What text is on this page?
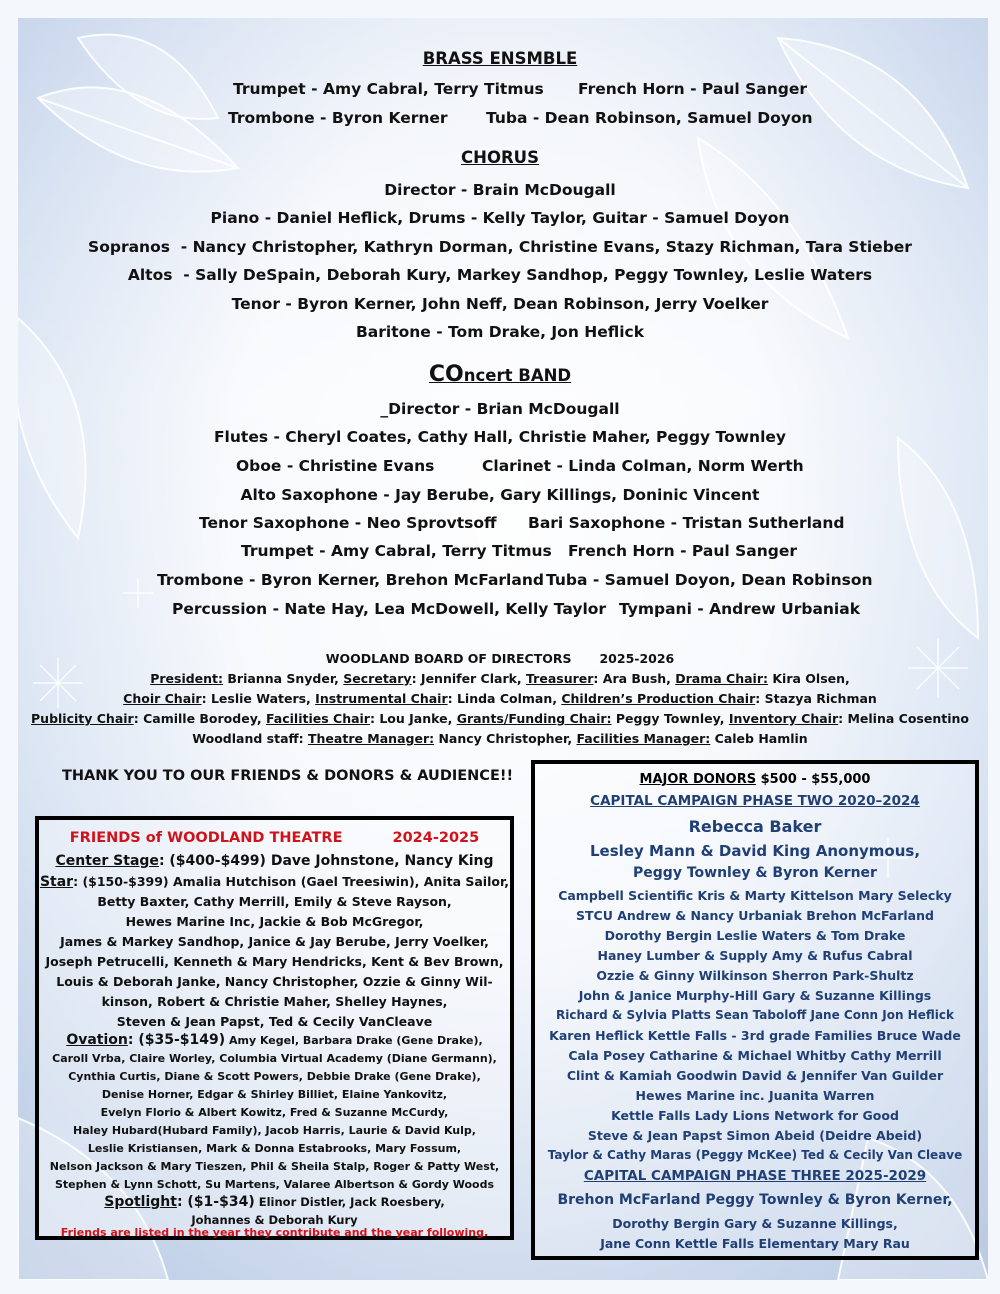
BRASS ENSMBLE
Trumpet - Amy Cabral, Terry Titmus French Horn - Paul Sanger
Trombone - Byron Kerner Tuba - Dean Robinson, Samuel Doyon
CHORUS
Director - Brain McDougall
Piano - Daniel Heflick, Drums - Kelly Taylor, Guitar - Samuel Doyon
Sopranos  - Nancy Christopher, Kathryn Dorman, Christine Evans, Stazy Richman, Tara Stieber
Altos  - Sally DeSpain, Deborah Kury, Markey Sandhop, Peggy Townley, Leslie Waters
Tenor - Byron Kerner, John Neff, Dean Robinson, Jerry Voelker
Baritone - Tom Drake, Jon Heflick
COncert BAND
_Director - Brian McDougall
Flutes - Cheryl Coates, Cathy Hall, Christie Maher, Peggy Townley
Oboe - Christine Evans	Clarinet - Linda Colman, Norm Werth
Alto Saxophone - Jay Berube, Gary Killings, Doninic Vincent
Tenor Saxophone - Neo Sprovtsoff Bari Saxophone - Tristan Sutherland
Trumpet - Amy Cabral, Terry Titmus French Horn - Paul Sanger
Trombone - Byron Kerner, Brehon McFarland Tuba - Samuel Doyon, Dean Robinson
Percussion - Nate Hay, Lea McDowell, Kelly Taylor Tympani - Andrew Urbaniak
WOODLAND BOARD OF DIRECTORS 2025-2026
President: Brianna Snyder, Secretary: Jennifer Clark, Treasurer: Ara Bush, Drama Chair: Kira Olsen,
Choir Chair: Leslie Waters, Instrumental Chair: Linda Colman, Children’s Production Chair: Stazya Richman
Publicity Chair: Camille Borodey, Facilities Chair: Lou Janke, Grants/Funding Chair: Peggy Townley, Inventory Chair: Melina Cosentino
Woodland staff: Theatre Manager: Nancy Christopher, Facilities Manager: Caleb Hamlin
THANK YOU TO OUR FRIENDS & DONORS & AUDIENCE!!
FRIENDS of WOODLAND THEATRE	2024-2025
Center Stage: ($400-$499) Dave Johnstone, Nancy King
Star: ($150-$399) Amalia Hutchison (Gael Treesiwin), Anita Sailor,
Betty Baxter, Cathy Merrill, Emily & Steve Rayson,
Hewes Marine Inc, Jackie & Bob McGregor,
James & Markey Sandhop, Janice & Jay Berube, Jerry Voelker,
Joseph Petrucelli, Kenneth & Mary Hendricks, Kent & Bev Brown,
Louis & Deborah Janke, Nancy Christopher, Ozzie & Ginny Wil-
kinson, Robert & Christie Maher, Shelley Haynes,
Steven & Jean Papst, Ted & Cecily VanCleave
Ovation: ($35-$149) Amy Kegel, Barbara Drake (Gene Drake),
Caroll Vrba, Claire Worley, Columbia Virtual Academy (Diane Germann),
Cynthia Curtis, Diane & Scott Powers, Debbie Drake (Gene Drake),
Denise Horner, Edgar & Shirley Billiet, Elaine Yankovitz,
Evelyn Florio & Albert Kowitz, Fred & Suzanne McCurdy,
Haley Hubard(Hubard Family), Jacob Harris, Laurie & David Kulp,
Leslie Kristiansen, Mark & Donna Estabrooks, Mary Fossum,
Nelson Jackson & Mary Tieszen, Phil & Sheila Stalp, Roger & Patty West,
Stephen & Lynn Schott, Su Martens, Valaree Albertson & Gordy Woods
Spotlight: ($1-$34) Elinor Distler, Jack Roesbery,
Johannes & Deborah Kury
Friends are listed in the year they contribute and the year following.
MAJOR DONORS $500 - $55,000
CAPITAL CAMPAIGN PHASE TWO 2020–2024
Rebecca Baker
Lesley Mann & David King Anonymous,
Peggy Townley & Byron Kerner
Campbell Scientific Kris & Marty Kittelson Mary Selecky
STCU Andrew & Nancy Urbaniak Brehon McFarland
Dorothy Bergin Leslie Waters & Tom Drake
Haney Lumber & Supply Amy & Rufus Cabral
Ozzie & Ginny Wilkinson Sherron Park-Shultz
John & Janice Murphy-Hill Gary & Suzanne Killings
Richard & Sylvia Platts Sean Taboloff Jane Conn Jon Heflick
Karen Heflick Kettle Falls - 3rd grade Families Bruce Wade
Cala Posey Catharine & Michael Whitby Cathy Merrill
Clint & Kamiah Goodwin David & Jennifer Van Guilder
Hewes Marine inc. Juanita Warren
Kettle Falls Lady Lions Network for Good
Steve & Jean Papst Simon Abeid (Deidre Abeid)
Taylor & Cathy Maras (Peggy McKee) Ted & Cecily Van Cleave
CAPITAL CAMPAIGN PHASE THREE 2025-2029
Brehon McFarland Peggy Townley & Byron Kerner,
Dorothy Bergin Gary & Suzanne Killings,
Jane Conn Kettle Falls Elementary Mary Rau
